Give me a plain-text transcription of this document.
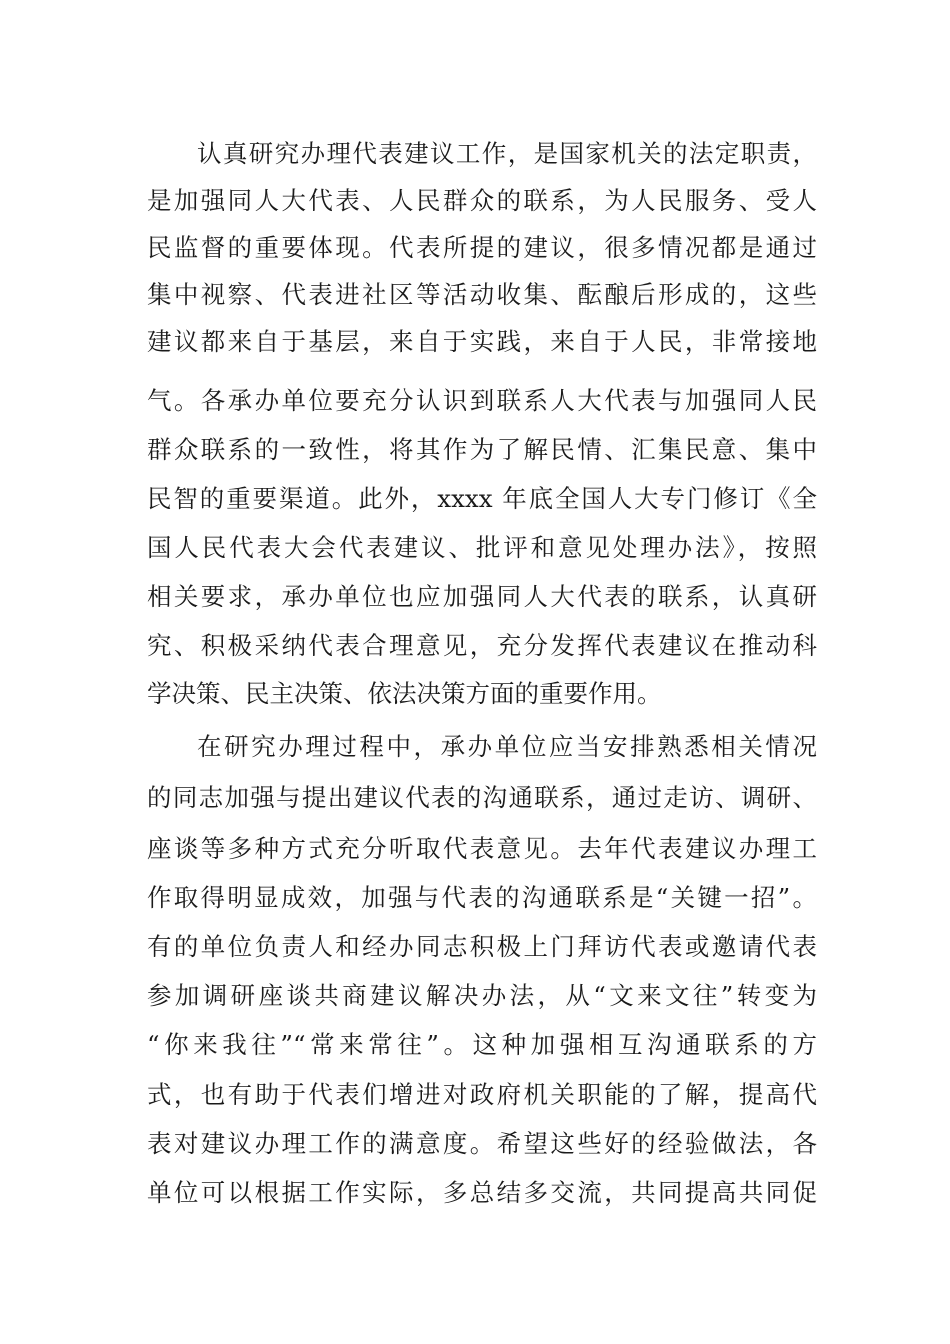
认真研究办理代表建议工作，是国家机关的法定职责，
是加强同人大代表、人民群众的联系，为人民服务、受人
民监督的重要体现。代表所提的建议，很多情况都是通过
集中视察、代表进社区等活动收集、酝酿后形成的，这些
建议都来自于基层，来自于实践，来自于人民，非常接地
气。各承办单位要充分认识到联系人大代表与加强同人民
群众联系的一致性，将其作为了解民情、汇集民意、集中
民智的重要渠道。此外，xxxx 年底全国人大专门修订《全
国人民代表大会代表建议、批评和意见处理办法》，按照
相关要求，承办单位也应加强同人大代表的联系，认真研
究、积极采纳代表合理意见，充分发挥代表建议在推动科
学决策、民主决策、依法决策方面的重要作用。
在研究办理过程中，承办单位应当安排熟悉相关情况
的同志加强与提出建议代表的沟通联系，通过走访、调研、
座谈等多种方式充分听取代表意见。去年代表建议办理工
作取得明显成效，加强与代表的沟通联系是“关键一招”。
有的单位负责人和经办同志积极上门拜访代表或邀请代表
参加调研座谈共商建议解决办法，从“文来文往”转变为
“你来我往”“常来常往”。这种加强相互沟通联系的方
式，也有助于代表们增进对政府机关职能的了解，提高代
表对建议办理工作的满意度。希望这些好的经验做法，各
单位可以根据工作实际，多总结多交流，共同提高共同促
